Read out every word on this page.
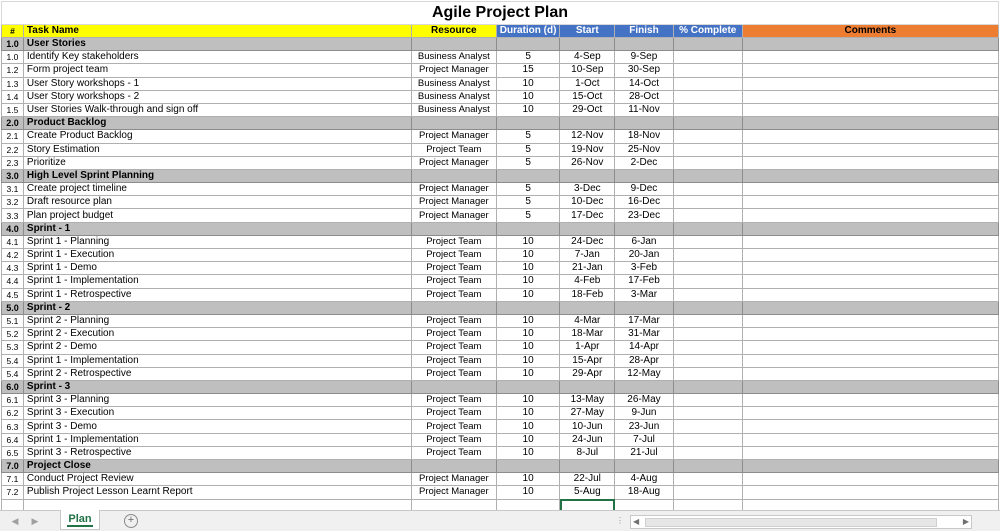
Agile Project Plan							
#	Task Name	Resource	Duration (d)	Start	Finish	% Complete	Comments
1.0	User Stories						
1.0	Identify Key stakeholders	Business Analyst	5	4-Sep	9-Sep		
1.2	Form project team	Project Manager	15	10-Sep	30-Sep		
1.3	User Story workshops - 1	Business Analyst	10	1-Oct	14-Oct		
1.4	User Story workshops - 2	Business Analyst	10	15-Oct	28-Oct		
1.5	User Stories Walk-through and sign off	Business Analyst	10	29-Oct	11-Nov		
2.0	Product Backlog						
2.1	Create Product Backlog	Project Manager	5	12-Nov	18-Nov		
2.2	Story Estimation	Project Team	5	19-Nov	25-Nov		
2.3	Prioritize	Project Manager	5	26-Nov	2-Dec		
3.0	High Level Sprint Planning						
3.1	Create project timeline	Project Manager	5	3-Dec	9-Dec		
3.2	Draft resource plan	Project Manager	5	10-Dec	16-Dec		
3.3	Plan project budget	Project Manager	5	17-Dec	23-Dec		
4.0	Sprint - 1						
4.1	Sprint 1 - Planning	Project Team	10	24-Dec	6-Jan		
4.2	Sprint 1 - Execution	Project Team	10	7-Jan	20-Jan		
4.3	Sprint 1 - Demo	Project Team	10	21-Jan	3-Feb		
4.4	Sprint 1 - Implementation	Project Team	10	4-Feb	17-Feb		
4.5	Sprint 1 - Retrospective	Project Team	10	18-Feb	3-Mar		
5.0	Sprint - 2						
5.1	Sprint 2 - Planning	Project Team	10	4-Mar	17-Mar		
5.2	Sprint 2 - Execution	Project Team	10	18-Mar	31-Mar		
5.3	Sprint 2 - Demo	Project Team	10	1-Apr	14-Apr		
5.4	Sprint 1 - Implementation	Project Team	10	15-Apr	28-Apr		
5.4	Sprint 2 - Retrospective	Project Team	10	29-Apr	12-May		
6.0	Sprint - 3						
6.1	Sprint 3 - Planning	Project Team	10	13-May	26-May		
6.2	Sprint 3 - Execution	Project Team	10	27-May	9-Jun		
6.3	Sprint 3 - Demo	Project Team	10	10-Jun	23-Jun		
6.4	Sprint 1 - Implementation	Project Team	10	24-Jun	7-Jul		
6.5	Sprint 3 - Retrospective	Project Team	10	8-Jul	21-Jul		
7.0	Project Close						
7.1	Conduct Project Review	Project Manager	10	22-Jul	4-Aug		
7.2	Publish Project Lesson Learnt Report	Project Manager	10	5-Aug	18-Aug		

◀ ▶	Plan	+	⋮ ◀	▶
